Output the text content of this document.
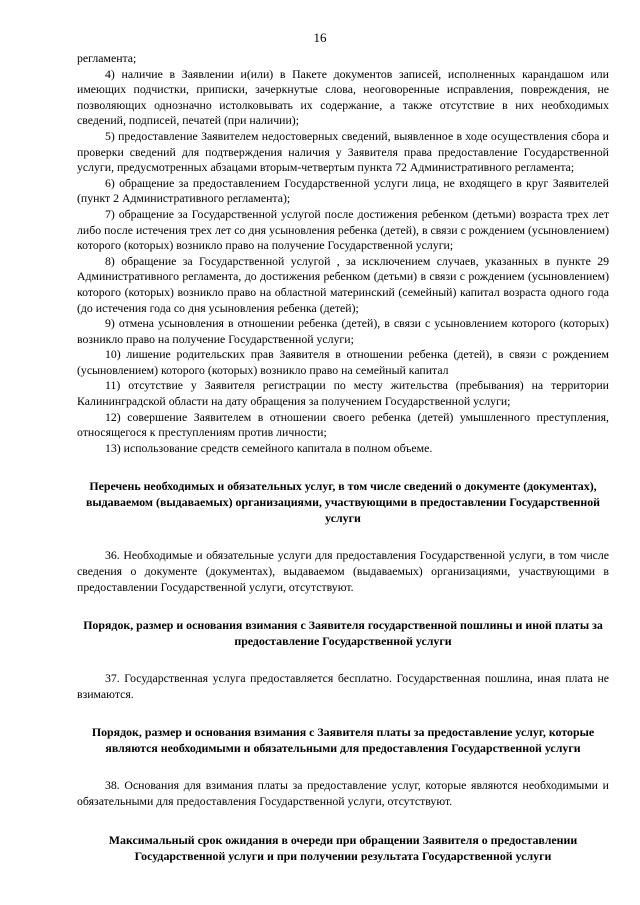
16

регламента;

4) наличие в Заявлении и(или) в Пакете документов записей, исполненных карандашом или имеющих подчистки, приписки, зачеркнутые слова, неоговоренные исправления, повреждения, не позволяющих однозначно истолковывать их содержание, а также отсутствие в них необходимых сведений, подписей, печатей (при наличии);

5) предоставление Заявителем недостоверных сведений, выявленное в ходе осуществления сбора и проверки сведений для подтверждения наличия у Заявителя права предоставление Государственной услуги, предусмотренных абзацами вторым-четвертым пункта 72 Административного регламента;

6) обращение за предоставлением Государственной услуги лица, не входящего в круг Заявителей (пункт 2 Административного регламента);

7) обращение за Государственной услугой после достижения ребенком (детьми) возраста трех лет либо после истечения трех лет со дня усыновления ребенка (детей), в связи с рождением (усыновлением) которого (которых) возникло право на получение Государственной услуги;

8) обращение за Государственной услугой , за исключением случаев, указанных в пункте 29 Административного регламента, до достижения ребенком (детьми) в связи с рождением (усыновлением) которого (которых) возникло право на областной материнский (семейный) капитал возраста одного года (до истечения года со дня усыновления ребенка (детей);

9) отмена усыновления в отношении ребенка (детей), в связи с усыновлением которого (которых) возникло право на получение Государственной услуги;

10) лишение родительских прав Заявителя в отношении ребенка (детей), в связи с рождением (усыновлением) которого (которых) возникло право на семейный капитал

11) отсутствие у Заявителя регистрации по месту жительства (пребывания) на территории Калининградской области на дату обращения за получением Государственной услуги;

12) совершение Заявителем в отношении своего ребенка (детей) умышленного преступления, относящегося к преступлениям против личности;

13) использование средств семейного капитала в полном объеме.

Перечень необходимых и обязательных услуг, в том числе сведений о документе (документах), выдаваемом (выдаваемых) организациями, участвующими в предоставлении Государственной услуги

36. Необходимые и обязательные услуги для предоставления Государственной услуги, в том числе сведения о документе (документах), выдаваемом (выдаваемых) организациями, участвующими в предоставлении Государственной услуги, отсутствуют.

Порядок, размер и основания взимания с Заявителя государственной пошлины и иной платы за предоставление Государственной услуги

37. Государственная услуга предоставляется бесплатно. Государственная пошлина, иная плата не взимаются.

Порядок, размер и основания взимания с Заявителя платы за предоставление услуг, которые являются необходимыми и обязательными для предоставления Государственной услуги

38. Основания для взимания платы за предоставление услуг, которые являются необходимыми и обязательными для предоставления Государственной услуги, отсутствуют.

Максимальный срок ожидания в очереди при обращении Заявителя о предоставлении Государственной услуги и при получении результата Государственной услуги
